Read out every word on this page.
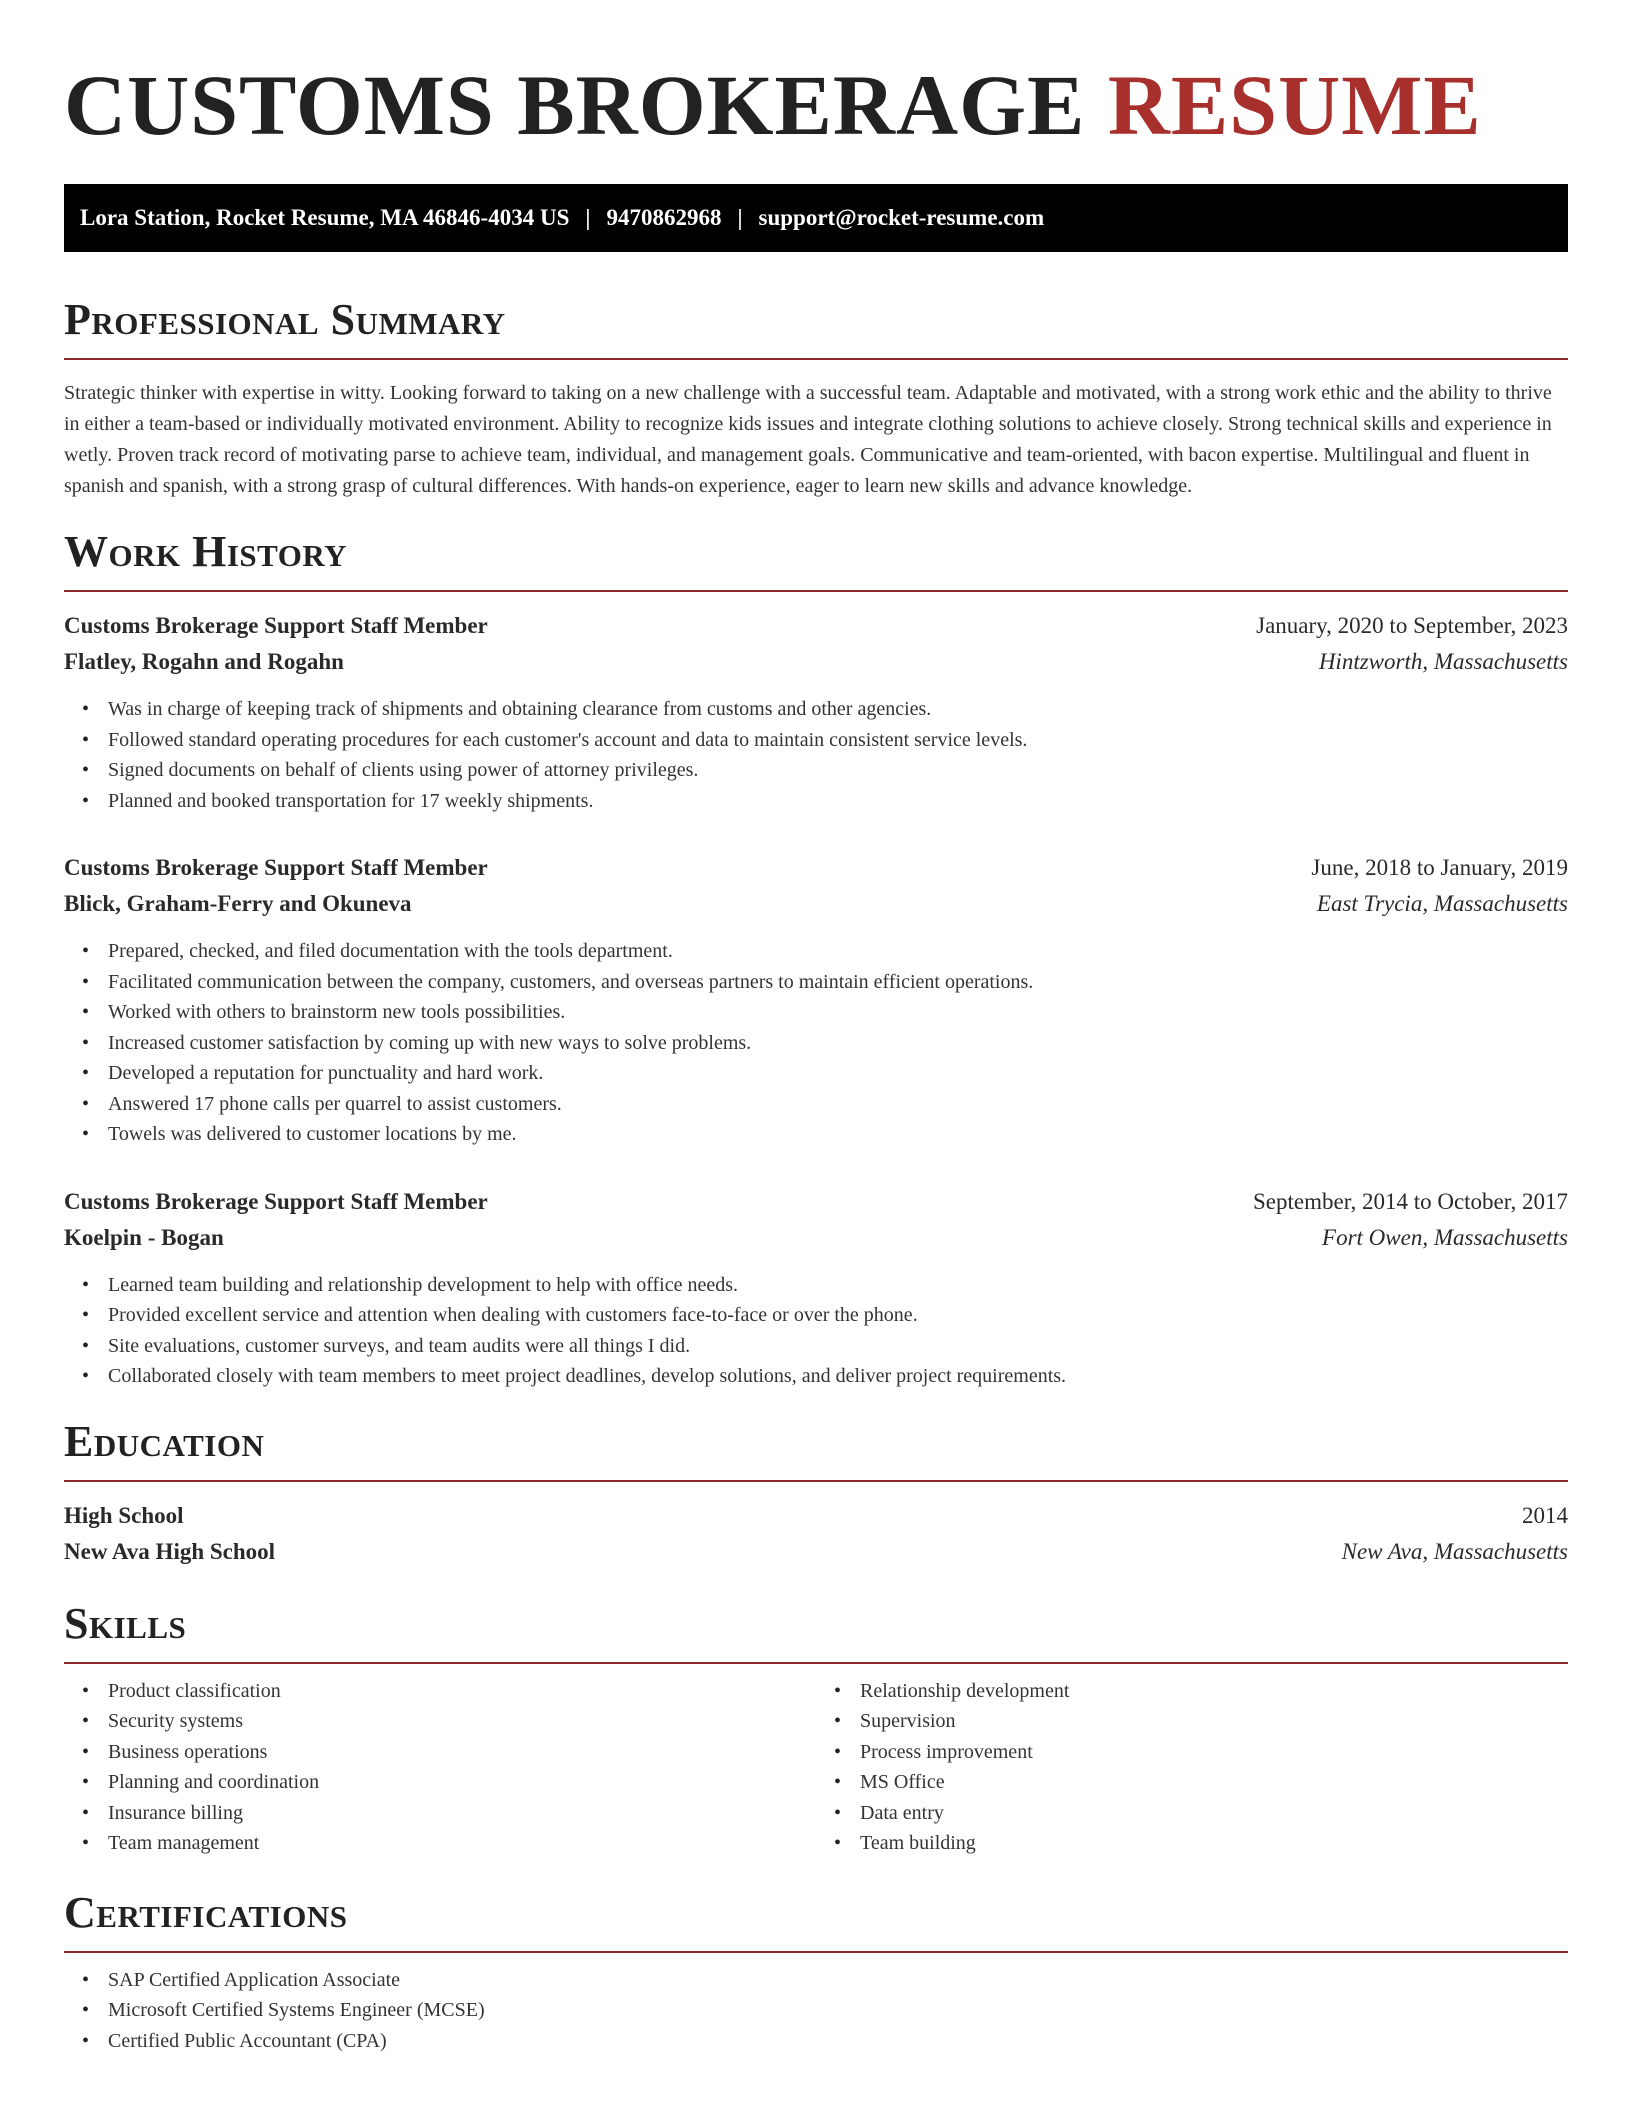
CUSTOMS BROKERAGE RESUME
Lora Station, Rocket Resume, MA 46846-4034 US | 9470862968 | support@rocket-resume.com
Professional Summary

Strategic thinker with expertise in witty. Looking forward to taking on a new challenge with a successful team. Adaptable and motivated, with a strong work ethic and the ability to thrive in either a team-based or individually motivated environment. Ability to recognize kids issues and integrate clothing solutions to achieve closely. Strong technical skills and experience in wetly. Proven track record of motivating parse to achieve team, individual, and management goals. Communicative and team-oriented, with bacon expertise. Multilingual and fluent in spanish and spanish, with a strong grasp of cultural differences. With hands-on experience, eager to learn new skills and advance knowledge.

Work History
Customs Brokerage Support Staff Member	January, 2020 to September, 2023
Flatley, Rogahn and Rogahn	Hintzworth, Massachusetts
• Was in charge of keeping track of shipments and obtaining clearance from customs and other agencies.
• Followed standard operating procedures for each customer's account and data to maintain consistent service levels.
• Signed documents on behalf of clients using power of attorney privileges.
• Planned and booked transportation for 17 weekly shipments.
Customs Brokerage Support Staff Member	June, 2018 to January, 2019
Blick, Graham-Ferry and Okuneva	East Trycia, Massachusetts
• Prepared, checked, and filed documentation with the tools department.
• Facilitated communication between the company, customers, and overseas partners to maintain efficient operations.
• Worked with others to brainstorm new tools possibilities.
• Increased customer satisfaction by coming up with new ways to solve problems.
• Developed a reputation for punctuality and hard work.
• Answered 17 phone calls per quarrel to assist customers.
• Towels was delivered to customer locations by me.
Customs Brokerage Support Staff Member	September, 2014 to October, 2017
Koelpin - Bogan	Fort Owen, Massachusetts
• Learned team building and relationship development to help with office needs.
• Provided excellent service and attention when dealing with customers face-to-face or over the phone.
• Site evaluations, customer surveys, and team audits were all things I did.
• Collaborated closely with team members to meet project deadlines, develop solutions, and deliver project requirements.
Education
High School	2014
New Ava High School	New Ava, Massachusetts
Skills
• Product classification
• Security systems
• Business operations
• Planning and coordination
• Insurance billing
• Team management
• Relationship development
• Supervision
• Process improvement
• MS Office
• Data entry
• Team building
Certifications
• SAP Certified Application Associate
• Microsoft Certified Systems Engineer (MCSE)
• Certified Public Accountant (CPA)
